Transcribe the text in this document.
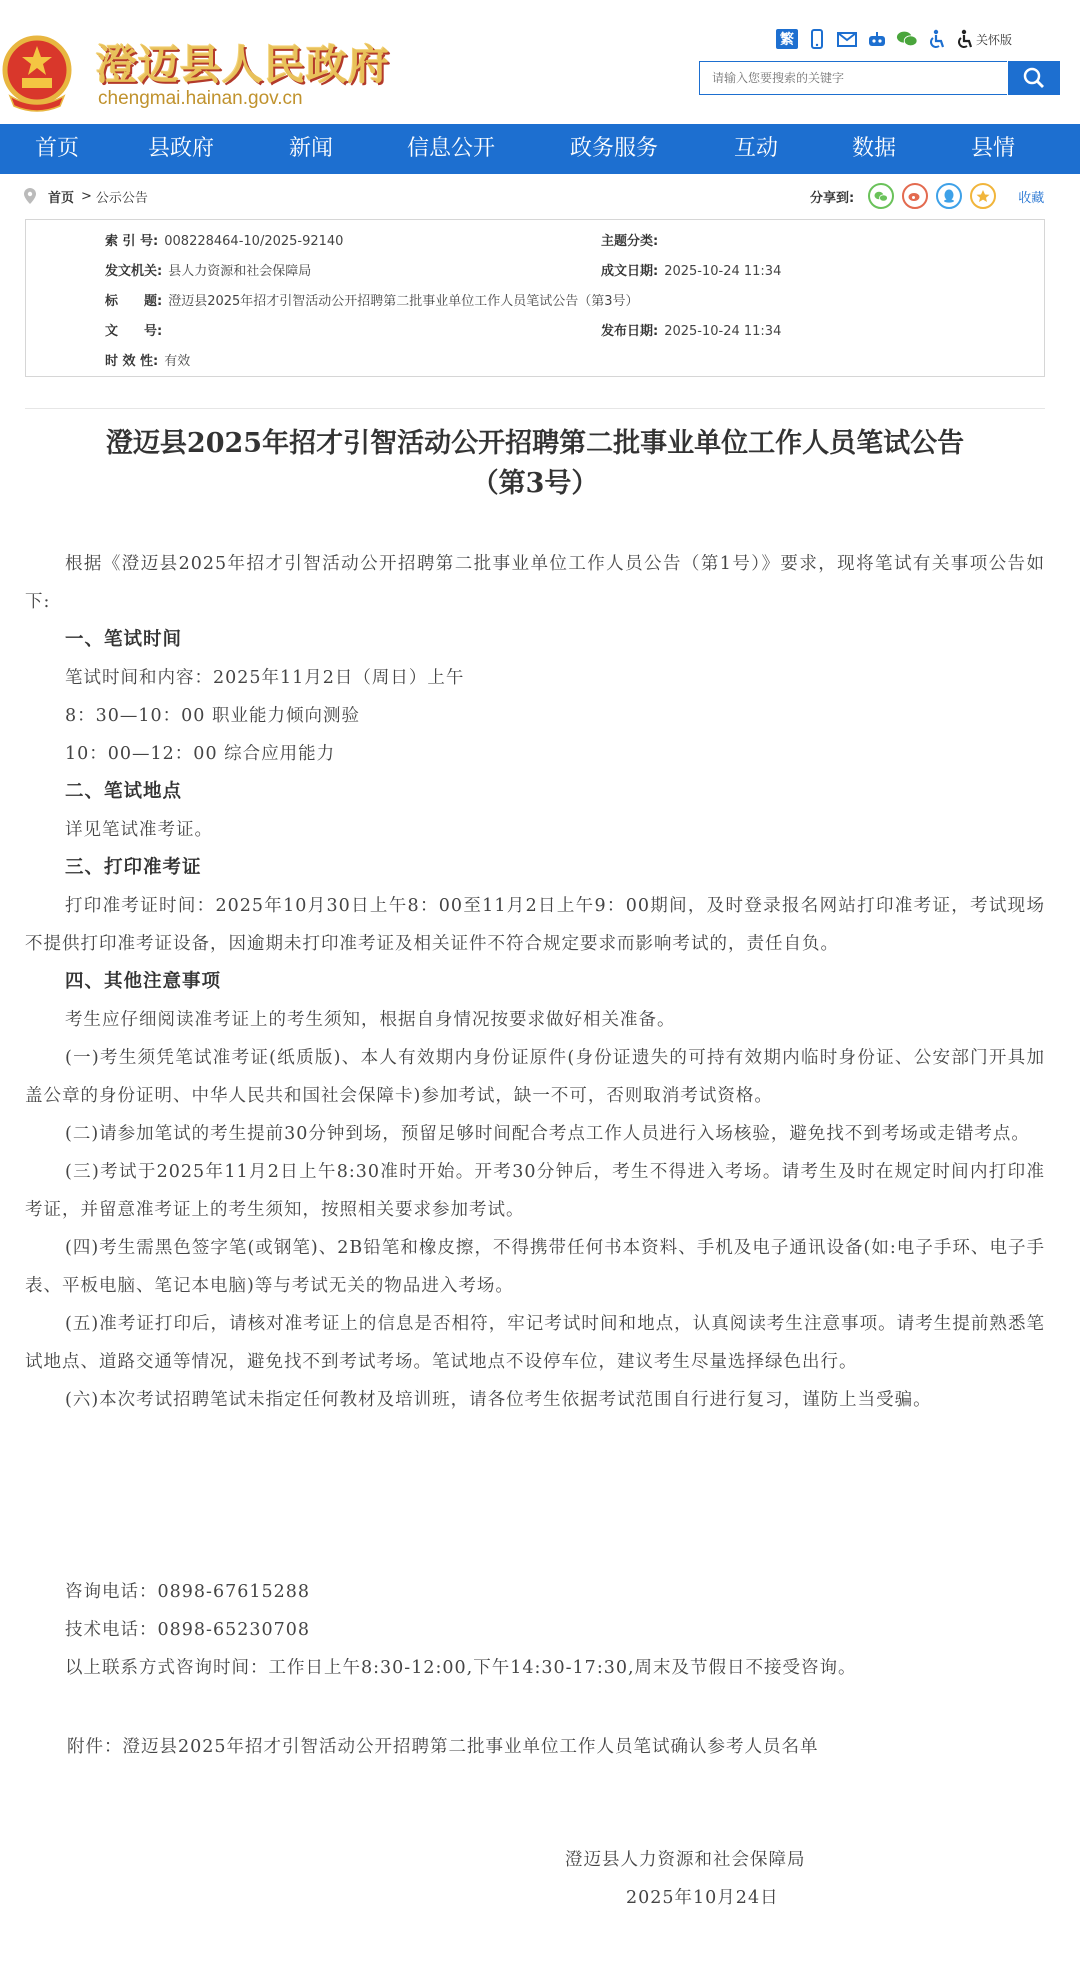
澄迈县人民政府
chengmai.hainan.gov.cn
繁	关怀版
请输入您要搜索的关键字
首页	县政府	新闻	信息公开	政务服务	互动	数据	县情
首页 > 公示公告	分享到:	收藏
索 引 号: 008228464-10/2025-92140	主题分类:
发文机关: 县人力资源和社会保障局	成文日期: 2025-10-24 11:34
标　　题: 澄迈县2025年招才引智活动公开招聘第二批事业单位工作人员笔试公告（第3号）
文　　号:	发布日期: 2025-10-24 11:34
时 效 性: 有效
澄迈县2025年招才引智活动公开招聘第二批事业单位工作人员笔试公告
（第3号）

根据《澄迈县2025年招才引智活动公开招聘第二批事业单位工作人员公告（第1号）》要求，现将笔试有关事项公告如下:

一、笔试时间

笔试时间和内容：2025年11月2日（周日）上午

8：30—10：00 职业能力倾向测验

10：00—12：00 综合应用能力

二、笔试地点

详见笔试准考证。

三、打印准考证

打印准考证时间：2025年10月30日上午8：00至11月2日上午9：00期间，及时登录报名网站打印准考证，考试现场不提供打印准考证设备，因逾期未打印准考证及相关证件不符合规定要求而影响考试的，责任自负。

四、其他注意事项

考生应仔细阅读准考证上的考生须知，根据自身情况按要求做好相关准备。

(一)考生须凭笔试准考证(纸质版)、本人有效期内身份证原件(身份证遗失的可持有效期内临时身份证、公安部门开具加盖公章的身份证明、中华人民共和国社会保障卡)参加考试，缺一不可，否则取消考试资格。

(二)请参加笔试的考生提前30分钟到场，预留足够时间配合考点工作人员进行入场核验，避免找不到考场或走错考点。

(三)考试于2025年11月2日上午8:30准时开始。开考30分钟后，考生不得进入考场。请考生及时在规定时间内打印准考证，并留意准考证上的考生须知，按照相关要求参加考试。

(四)考生需黑色签字笔(或钢笔)、2B铅笔和橡皮擦，不得携带任何书本资料、手机及电子通讯设备(如:电子手环、电子手表、平板电脑、笔记本电脑)等与考试无关的物品进入考场。

(五)准考证打印后，请核对准考证上的信息是否相符，牢记考试时间和地点，认真阅读考生注意事项。请考生提前熟悉笔试地点、道路交通等情况，避免找不到考试考场。笔试地点不设停车位，建议考生尽量选择绿色出行。

(六)本次考试招聘笔试未指定任何教材及培训班，请各位考生依据考试范围自行进行复习，谨防上当受骗。

咨询电话：0898-67615288
技术电话：0898-65230708
以上联系方式咨询时间：工作日上午8:30-12:00,下午14:30-17:30,周末及节假日不接受咨询。
附件：澄迈县2025年招才引智活动公开招聘第二批事业单位工作人员笔试确认参考人员名单
澄迈县人力资源和社会保障局
2025年10月24日
